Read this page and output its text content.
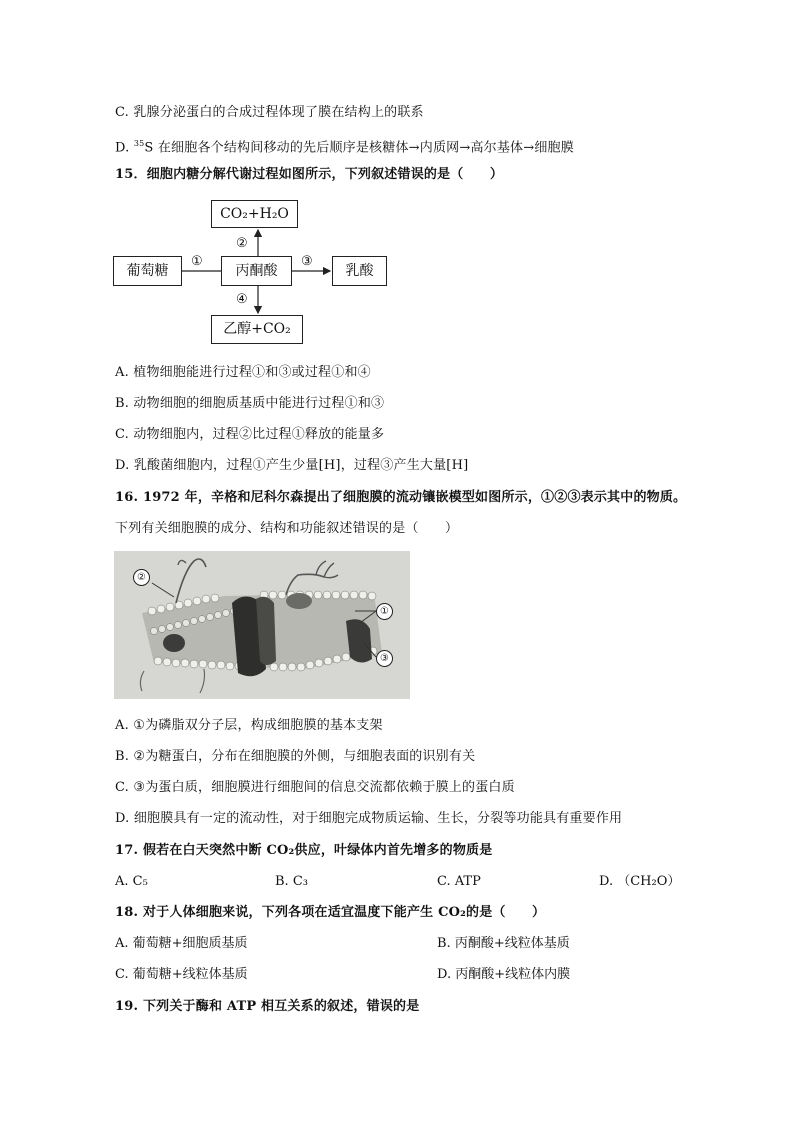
C. 乳腺分泌蛋白的合成过程体现了膜在结构上的联系
D. $^{35}$S 在细胞各个结构间移动的先后顺序是核糖体→内质网→高尔基体→细胞膜
15．细胞内糖分解代谢过程如图所示，下列叙述错误的是（　　）
CO₂+H₂O
葡萄糖	丙酮酸	乳酸
乙醇+CO₂
①
②
③
④
A. 植物细胞能进行过程①和③或过程①和④
B. 动物细胞的细胞质基质中能进行过程①和③
C. 动物细胞内，过程②比过程①释放的能量多
D. 乳酸菌细胞内，过程①产生少量[H]，过程③产生大量[H]
16. 1972 年，辛格和尼科尔森提出了细胞膜的流动镶嵌模型如图所示，①②③表示其中的物质。
下列有关细胞膜的成分、结构和功能叙述错误的是（　　）
②
①
③
A. ①为磷脂双分子层，构成细胞膜的基本支架
B. ②为糖蛋白，分布在细胞膜的外侧，与细胞表面的识别有关
C. ③为蛋白质，细胞膜进行细胞间的信息交流都依赖于膜上的蛋白质
D. 细胞膜具有一定的流动性，对于细胞完成物质运输、生长，分裂等功能具有重要作用
17. 假若在白天突然中断 CO₂供应，叶绿体内首先增多的物质是
A. C₅	B. C₃	C. ATP	D. （CH₂O）
18. 对于人体细胞来说，下列各项在适宜温度下能产生 CO₂的是（　　）
A. 葡萄糖+细胞质基质	B. 丙酮酸+线粒体基质
C. 葡萄糖+线粒体基质	D. 丙酮酸+线粒体内膜
19. 下列关于酶和 ATP 相互关系的叙述，错误的是
